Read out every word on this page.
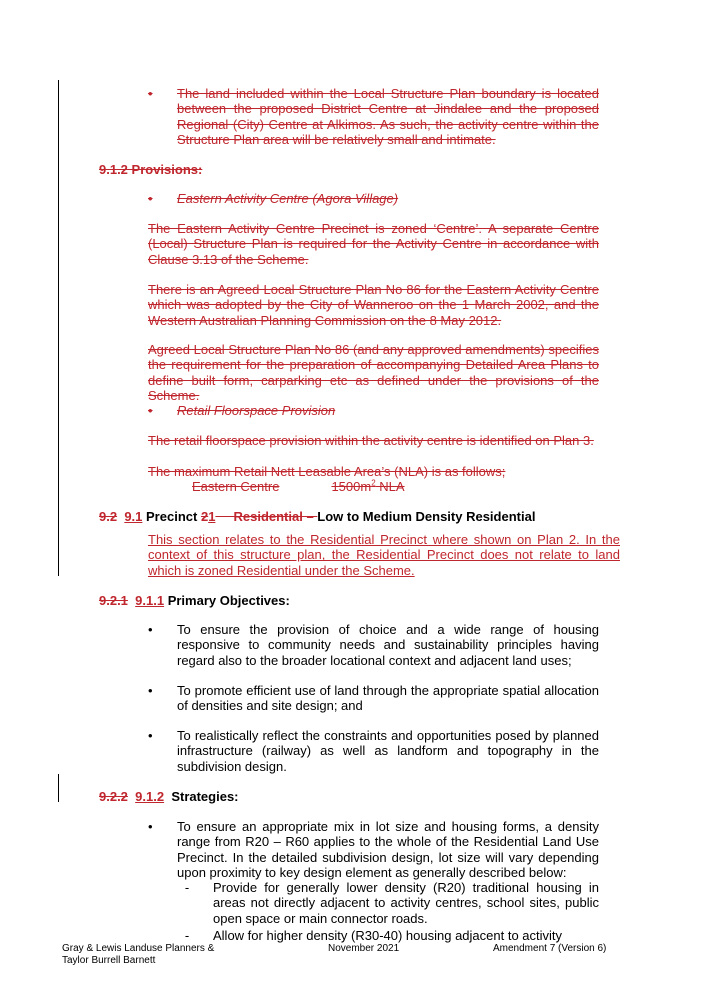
•	The land included within the Local Structure Plan boundary is located between the proposed District Centre at Jindalee and the proposed Regional (City) Centre at Alkimos. As such, the activity centre within the Structure Plan area will be relatively small and intimate.
9.1.2 Provisions:
•	Eastern Activity Centre (Agora Village)
The Eastern Activity Centre Precinct is zoned ‘Centre’. A separate Centre (Local) Structure Plan is required for the Activity Centre in accordance with Clause 3.13 of the Scheme.
There is an Agreed Local Structure Plan No 86 for the Eastern Activity Centre which was adopted by the City of Wanneroo on the 1 March 2002, and the Western Australian Planning Commission on the 8 May 2012.
Agreed Local Structure Plan No 86 (and any approved amendments) specifies the requirement for the preparation of accompanying Detailed Area Plans to define built form, carparking etc as defined under the provisions of the Scheme.
•	Retail Floorspace Provision
The retail floorspace provision within the activity centre is identified on Plan 3.
The maximum Retail Nett Leasable Area’s (NLA) is as follows;
Eastern Centre	$1500m^2$ NLA
9.2 9.1 Precinct 21 Residential – Low to Medium Density Residential
This section relates to the Residential Precinct where shown on Plan 2. In the context of this structure plan, the Residential Precinct does not relate to land which is zoned Residential under the Scheme.
9.2.1 9.1.1 Primary Objectives:
•	To ensure the provision of choice and a wide range of housing responsive to community needs and sustainability principles having regard also to the broader locational context and adjacent land uses;
•	To promote efficient use of land through the appropriate spatial allocation of densities and site design; and
•	To realistically reflect the constraints and opportunities posed by planned infrastructure (railway) as well as landform and topography in the subdivision design.
9.2.2 9.1.2 Strategies:
•	To ensure an appropriate mix in lot size and housing forms, a density range from R20 – R60 applies to the whole of the Residential Land Use Precinct. In the detailed subdivision design, lot size will vary depending upon proximity to key design element as generally described below:
-	Provide for generally lower density (R20) traditional housing in areas not directly adjacent to activity centres, school sites, public open space or main connector roads.
-	Allow for higher density (R30-40) housing adjacent to activity
Gray & Lewis Landuse Planners &
Taylor Burrell Barnett
November 2021	Amendment 7 (Version 6)
